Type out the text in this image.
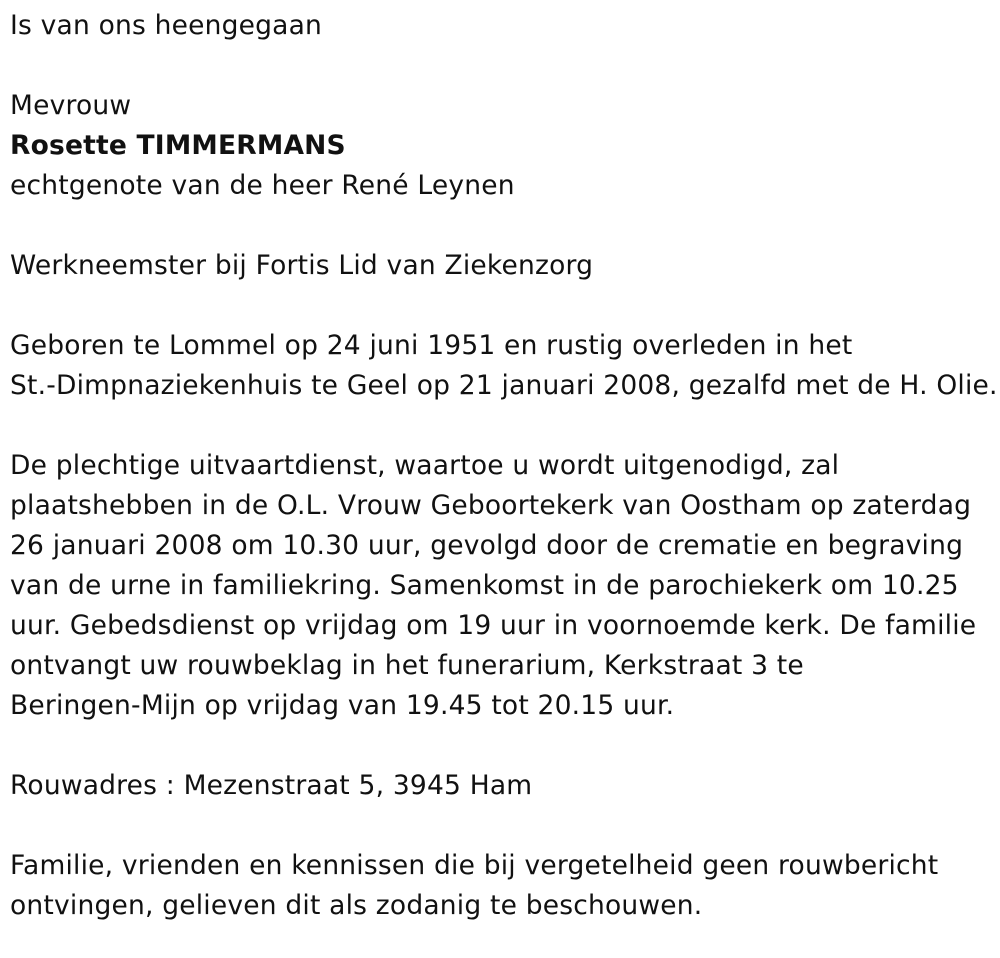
Is van ons heengegaan
Mevrouw
Rosette TIMMERMANS
echtgenote van de heer René Leynen
Werkneemster bij Fortis Lid van Ziekenzorg
Geboren te Lommel op 24 juni 1951 en rustig overleden in het
St.-Dimpnaziekenhuis te Geel op 21 januari 2008, gezalfd met de H. Olie.
De plechtige uitvaartdienst, waartoe u wordt uitgenodigd, zal
plaatshebben in de O.L. Vrouw Geboortekerk van Oostham op zaterdag
26 januari 2008 om 10.30 uur, gevolgd door de crematie en begraving
van de urne in familiekring. Samenkomst in de parochiekerk om 10.25
uur. Gebedsdienst op vrijdag om 19 uur in voornoemde kerk. De familie
ontvangt uw rouwbeklag in het funerarium, Kerkstraat 3 te
Beringen-Mijn op vrijdag van 19.45 tot 20.15 uur.
Rouwadres : Mezenstraat 5, 3945 Ham
Familie, vrienden en kennissen die bij vergetelheid geen rouwbericht
ontvingen, gelieven dit als zodanig te beschouwen.
